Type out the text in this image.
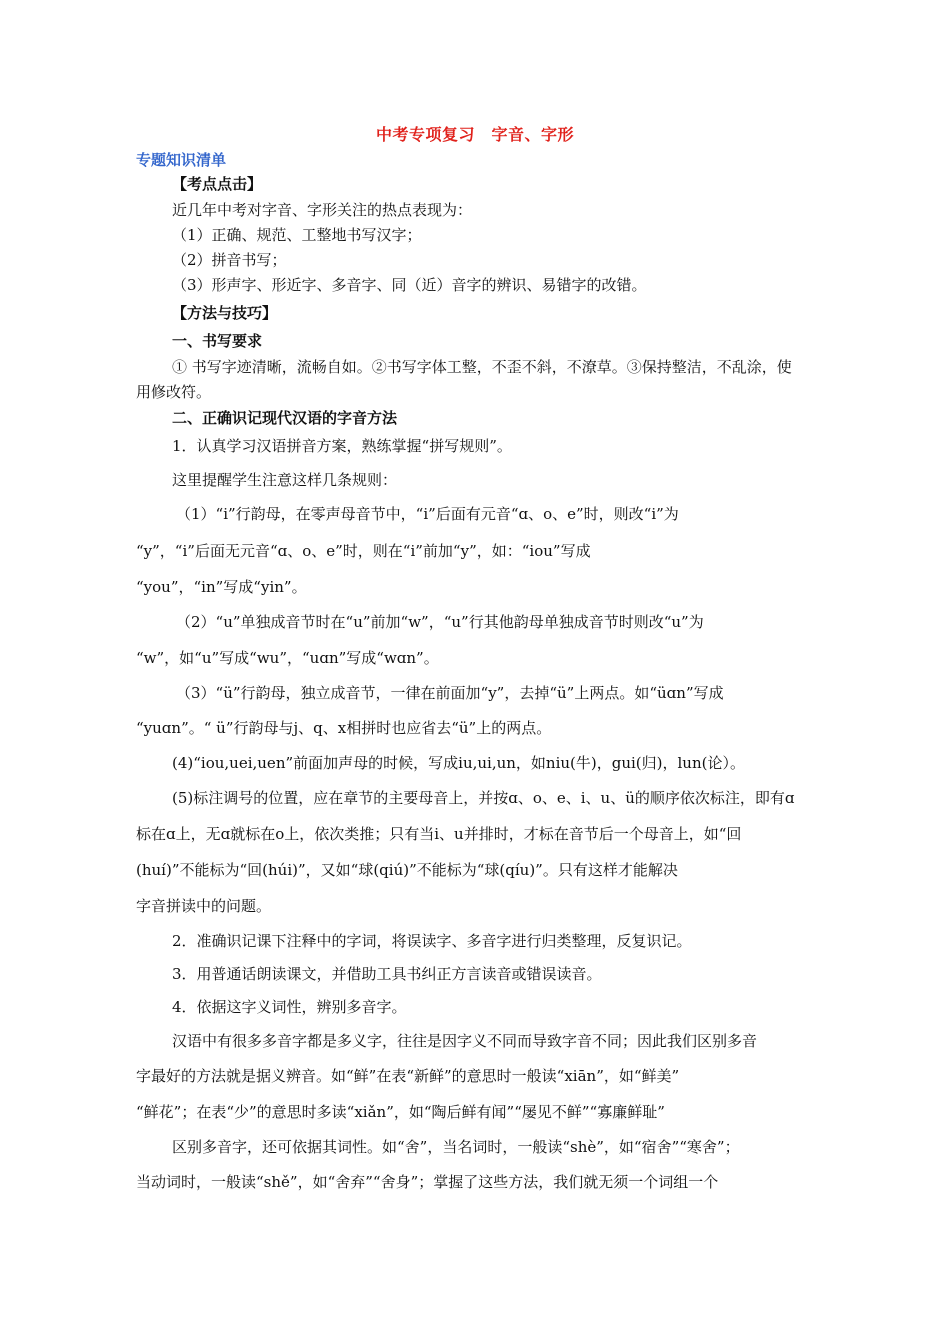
中考专项复习　字音、字形
专题知识清单
【考点点击】
近几年中考对字音、字形关注的热点表现为：
（1）正确、规范、工整地书写汉字；
（2）拼音书写；
（3）形声字、形近字、多音字、同（近）音字的辨识、易错字的改错。
【方法与技巧】
一、书写要求
① 书写字迹清晰，流畅自如。②书写字体工整，不歪不斜，不潦草。③保持整洁，不乱涂，使
用修改符。
二、正确识记现代汉语的字音方法
1．认真学习汉语拼音方案，熟练掌握“拼写规则”。
这里提醒学生注意这样几条规则：
（1）“i”行韵母，在零声母音节中，“i”后面有元音“ɑ、o、e”时，则改“i”为
“y”，“i”后面无元音“ɑ、o、e”时，则在“i”前加“y”，如：“iou”写成
“you”，“in”写成“yin”。
（2）“u”单独成音节时在“u”前加“w”，“u”行其他韵母单独成音节时则改“u”为
“w”，如“u”写成“wu”，“uɑn”写成“wɑn”。
（3）“ü”行韵母，独立成音节，一律在前面加“y”，去掉“ü”上两点。如“üɑn”写成
“yuɑn”。“ ü”行韵母与j、q、x相拼时也应省去“ü”上的两点。
(4)“iou,uei,uen”前面加声母的时候，写成iu,ui,un，如niu(牛)，gui(归)，lun(论）。
(5)标注调号的位置，应在章节的主要母音上，并按ɑ、o、e、i、u、ü的顺序依次标注，即有ɑ
标在ɑ上，无ɑ就标在o上，依次类推；只有当i、u并排时，才标在音节后一个母音上，如“回
(huí)”不能标为“回(húi)”，又如“球(qiú)”不能标为“球(qíu)”。只有这样才能解决
字音拼读中的问题。
2．准确识记课下注释中的字词，将误读字、多音字进行归类整理，反复识记。
3．用普通话朗读课文，并借助工具书纠正方言读音或错误读音。
4．依据这字义词性，辨别多音字。
汉语中有很多多音字都是多义字，往往是因字义不同而导致字音不同；因此我们区别多音
字最好的方法就是据义辨音。如“鲜”在表“新鲜”的意思时一般读“xiān”，如“鲜美”
“鲜花”；在表“少”的意思时多读“xiǎn”，如“陶后鲜有闻”“屡见不鲜”“寡廉鲜耻”
区别多音字，还可依据其词性。如“舍”，当名词时，一般读“shè”，如“宿舍”“寒舍”；
当动词时，一般读“shě”，如“舍弃”“舍身”；掌握了这些方法，我们就无须一个词组一个
